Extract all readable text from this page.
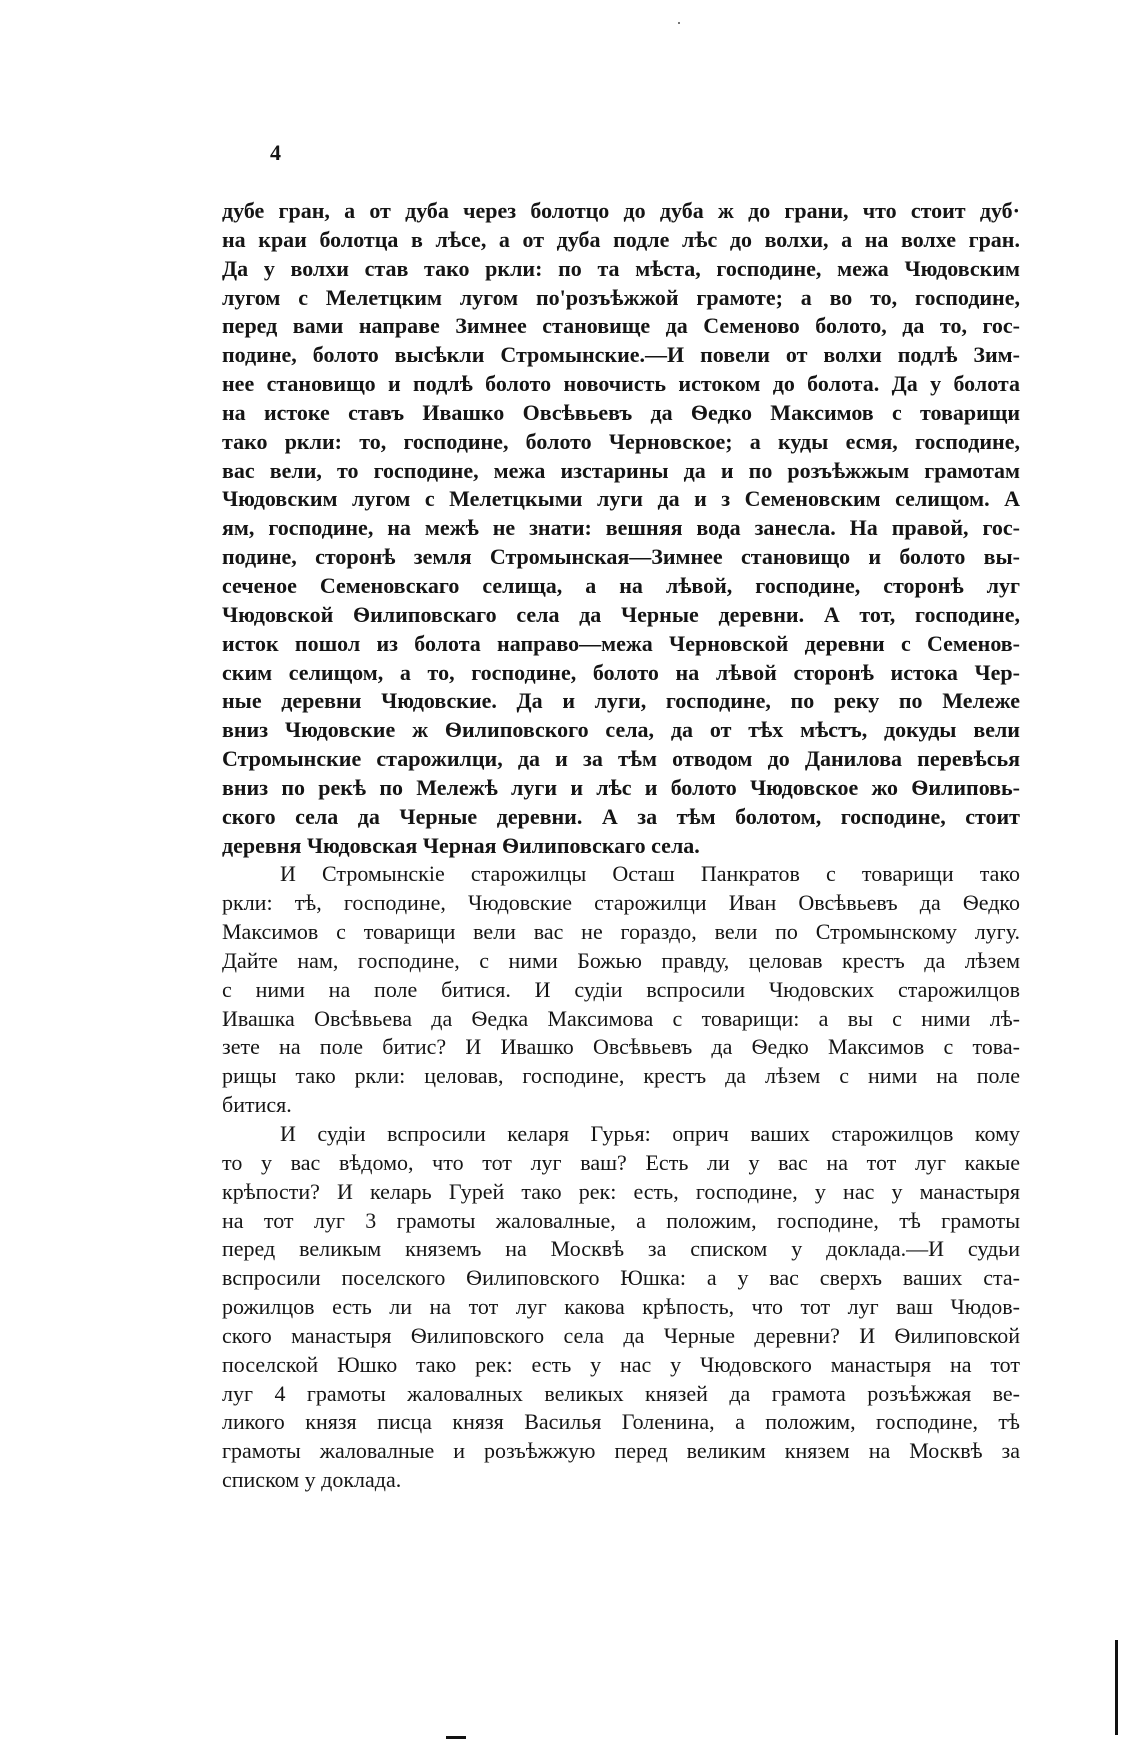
4
дубе гран, а от дуба через болотцо до дуба ж до грани, что стоит дуб·
на краи болотца в лѣсе, а от дуба подле лѣс до волхи, а на волхе гран.
Да у волхи став тако ркли: по та мѣста, господине, межа Чюдовским
лугом с Мелетцким лугом по'розъѣжжой грамоте; а во то, господине,
перед вами направе Зимнее становище да Семеново болото, да то, гос-
подине, болото высѣкли Стромынские.—И повели от волхи подлѣ Зим-
нее становищо и подлѣ болото новочисть истоком до болота. Да у болота
на истоке ставъ Ивашко Овсѣвьевъ да Ѳедко Максимов с товарищи
тако ркли: то, господине, болото Черновское; а куды есмя, господине,
вас вели, то господине, межа изстарины да и по розъѣжжым грамотам
Чюдовским лугом с Мелетцкыми луги да и з Семеновским селищом. А
ям, господине, на межѣ не знати: вешняя вода занесла. На правой, гос-
подине, сторонѣ земля Стромынская—Зимнее становищо и болото вы-
сеченое Семеновскаго селища, а на лѣвой, господине, сторонѣ луг
Чюдовской Ѳилиповскаго села да Черные деревни. А тот, господине,
исток пошол из болота направо—межа Черновской деревни с Семенов-
ским селищом, а то, господине, болото на лѣвой сторонѣ истока Чер-
ные деревни Чюдовские. Да и луги, господине, по реку по Мележе
вниз Чюдовские ж Ѳилиповского села, да от тѣх мѣстъ, докуды вели
Стромынские старожилци, да и за тѣм отводом до Данилова перевѣсья
вниз по рекѣ по Мележѣ луги и лѣс и болото Чюдовское жо Ѳилиповь-
ского села да Черные деревни. А за тѣм болотом, господине, стоит
деревня Чюдовская Черная Ѳилиповскаго села.
И Стромынскіе старожилцы Осташ Панкратов с товарищи тако
ркли: тѣ, господине, Чюдовские старожилци Иван Овсѣвьевъ да Ѳедко
Максимов с товарищи вели вас не гораздо, вели по Стромынскому лугу.
Дайте нам, господине, с ними Божью правду, целовав крестъ да лѣзем
с ними на поле битися. И судіи вспросили Чюдовских старожилцов
Ивашка Овсѣвьева да Ѳедка Максимова с товарищи: а вы с ними лѣ-
зете на поле битис? И Ивашко Овсѣвьевъ да Ѳедко Максимов с това-
рищы тако ркли: целовав, господине, крестъ да лѣзем с ними на поле
битися.
И судіи вспросили келаря Гурья: оприч ваших старожилцов кому
то у вас вѣдомо, что тот луг ваш? Есть ли у вас на тот луг какые
крѣпости? И келарь Гурей тако рек: есть, господине, у нас у манастыря
на тот луг 3 грамоты жаловалные, а положим, господине, тѣ грамоты
перед великым княземъ на Москвѣ за списком у доклада.—И судьи
вспросили поселского Ѳилиповского Юшка: а у вас сверхъ ваших ста-
рожилцов есть ли на тот луг какова крѣпость, что тот луг ваш Чюдов-
ского манастыря Ѳилиповского села да Черные деревни? И Ѳилиповской
поселской Юшко тако рек: есть у нас у Чюдовского манастыря на тот
луг 4 грамоты жаловалных великых князей да грамота розъѣжжая ве-
ликого князя писца князя Василья Голенина, а положим, господине, тѣ
грамоты жаловалные и розъѣжжую перед великим князем на Москвѣ за
списком у доклада.
